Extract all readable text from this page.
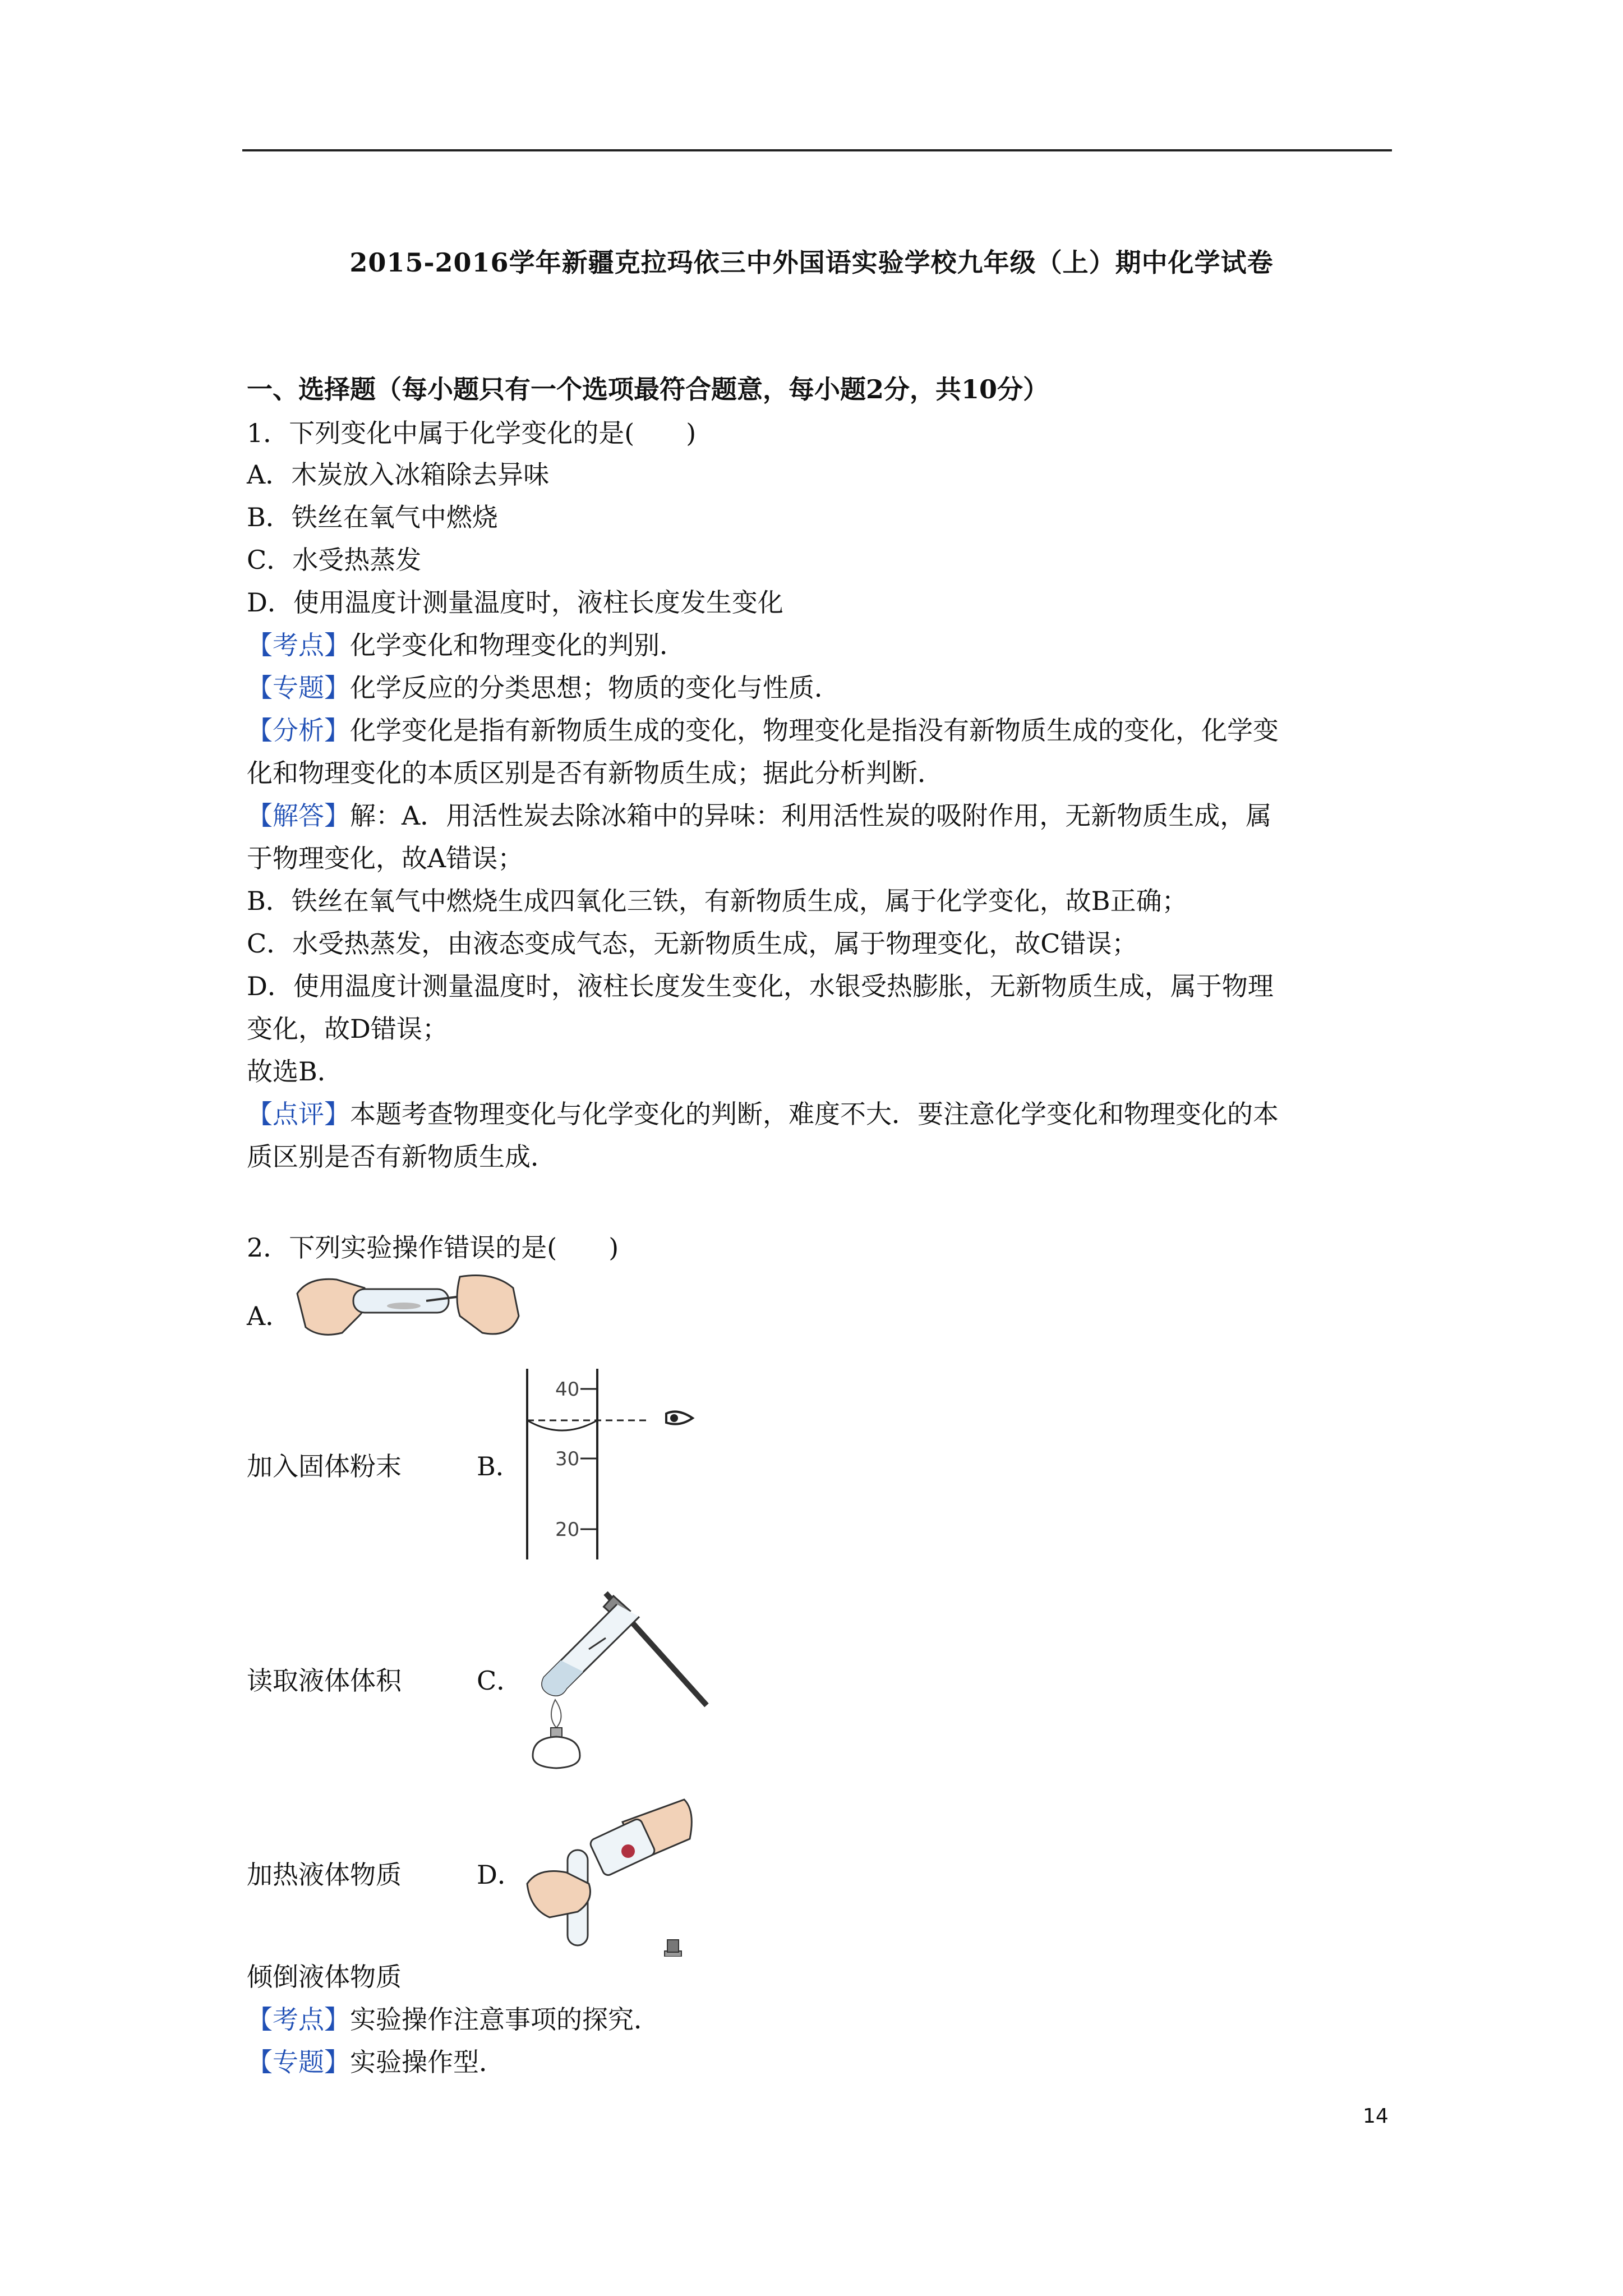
2015-2016学年新疆克拉玛依三中外国语实验学校九年级（上）期中化学试卷
一、选择题（每小题只有一个选项最符合题意，每小题2分，共10分）
1．下列变化中属于化学变化的是(　　)
A．木炭放入冰箱除去异味
B．铁丝在氧气中燃烧
C．水受热蒸发
D．使用温度计测量温度时，液柱长度发生变化
【考点】化学变化和物理变化的判别．
【专题】化学反应的分类思想；物质的变化与性质．
【分析】化学变化是指有新物质生成的变化，物理变化是指没有新物质生成的变化，化学变
化和物理变化的本质区别是否有新物质生成；据此分析判断．
【解答】解：A．用活性炭去除冰箱中的异味：利用活性炭的吸附作用，无新物质生成，属
于物理变化，故A错误；
B．铁丝在氧气中燃烧生成四氧化三铁，有新物质生成，属于化学变化，故B正确；
C．水受热蒸发，由液态变成气态，无新物质生成，属于物理变化，故C错误；
D．使用温度计测量温度时，液柱长度发生变化，水银受热膨胀，无新物质生成，属于物理
变化，故D错误；
故选B．
【点评】本题考查物理变化与化学变化的判断，难度不大．要注意化学变化和物理变化的本
质区别是否有新物质生成．
2．下列实验操作错误的是(　　)
A．
加入固体粉末	B．
40
30
20
读取液体体积	C．
加热液体物质	D．
倾倒液体物质
【考点】实验操作注意事项的探究．
【专题】实验操作型．
14
